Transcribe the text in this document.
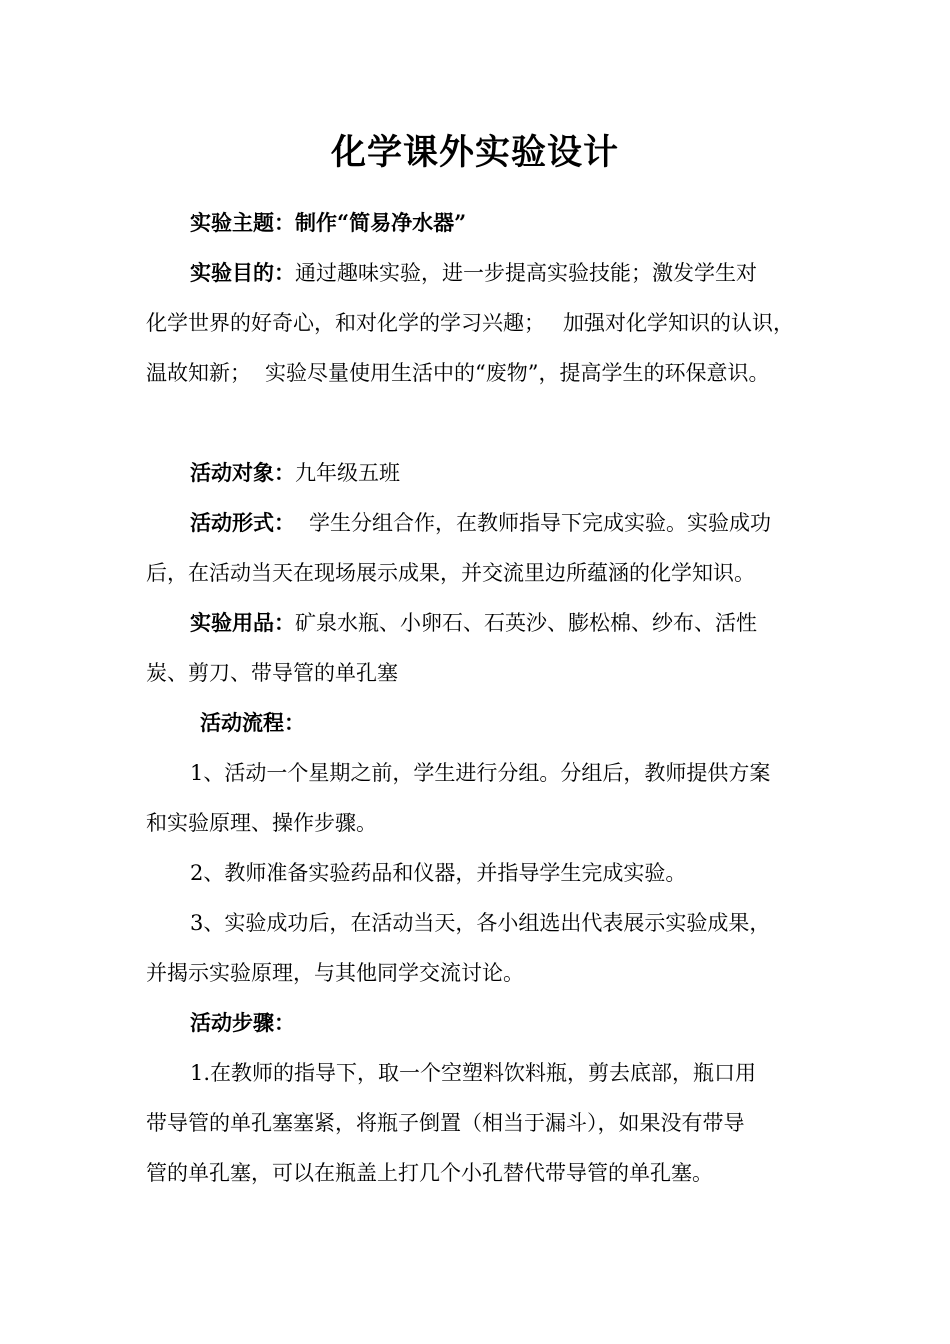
化学课外实验设计

实验主题：制作“简易净水器”

实验目的：通过趣味实验，进一步提高实验技能；激发学生对

化学世界的好奇心，和对化学的学习兴趣； 加强对化学知识的认识，

温故知新； 实验尽量使用生活中的“废物”，提高学生的环保意识。

活动对象：九年级五班

活动形式： 学生分组合作，在教师指导下完成实验。实验成功

后，在活动当天在现场展示成果，并交流里边所蕴涵的化学知识。

实验用品：矿泉水瓶、小卵石、石英沙、膨松棉、纱布、活性

炭、剪刀、带导管的单孔塞

活动流程：

1、活动一个星期之前，学生进行分组。分组后，教师提供方案

和实验原理、操作步骤。

2、教师准备实验药品和仪器，并指导学生完成实验。

3、实验成功后，在活动当天，各小组选出代表展示实验成果，

并揭示实验原理，与其他同学交流讨论。

活动步骤：

1.在教师的指导下，取一个空塑料饮料瓶，剪去底部，瓶口用

带导管的单孔塞塞紧，将瓶子倒置（相当于漏斗），如果没有带导

管的单孔塞，可以在瓶盖上打几个小孔替代带导管的单孔塞。
